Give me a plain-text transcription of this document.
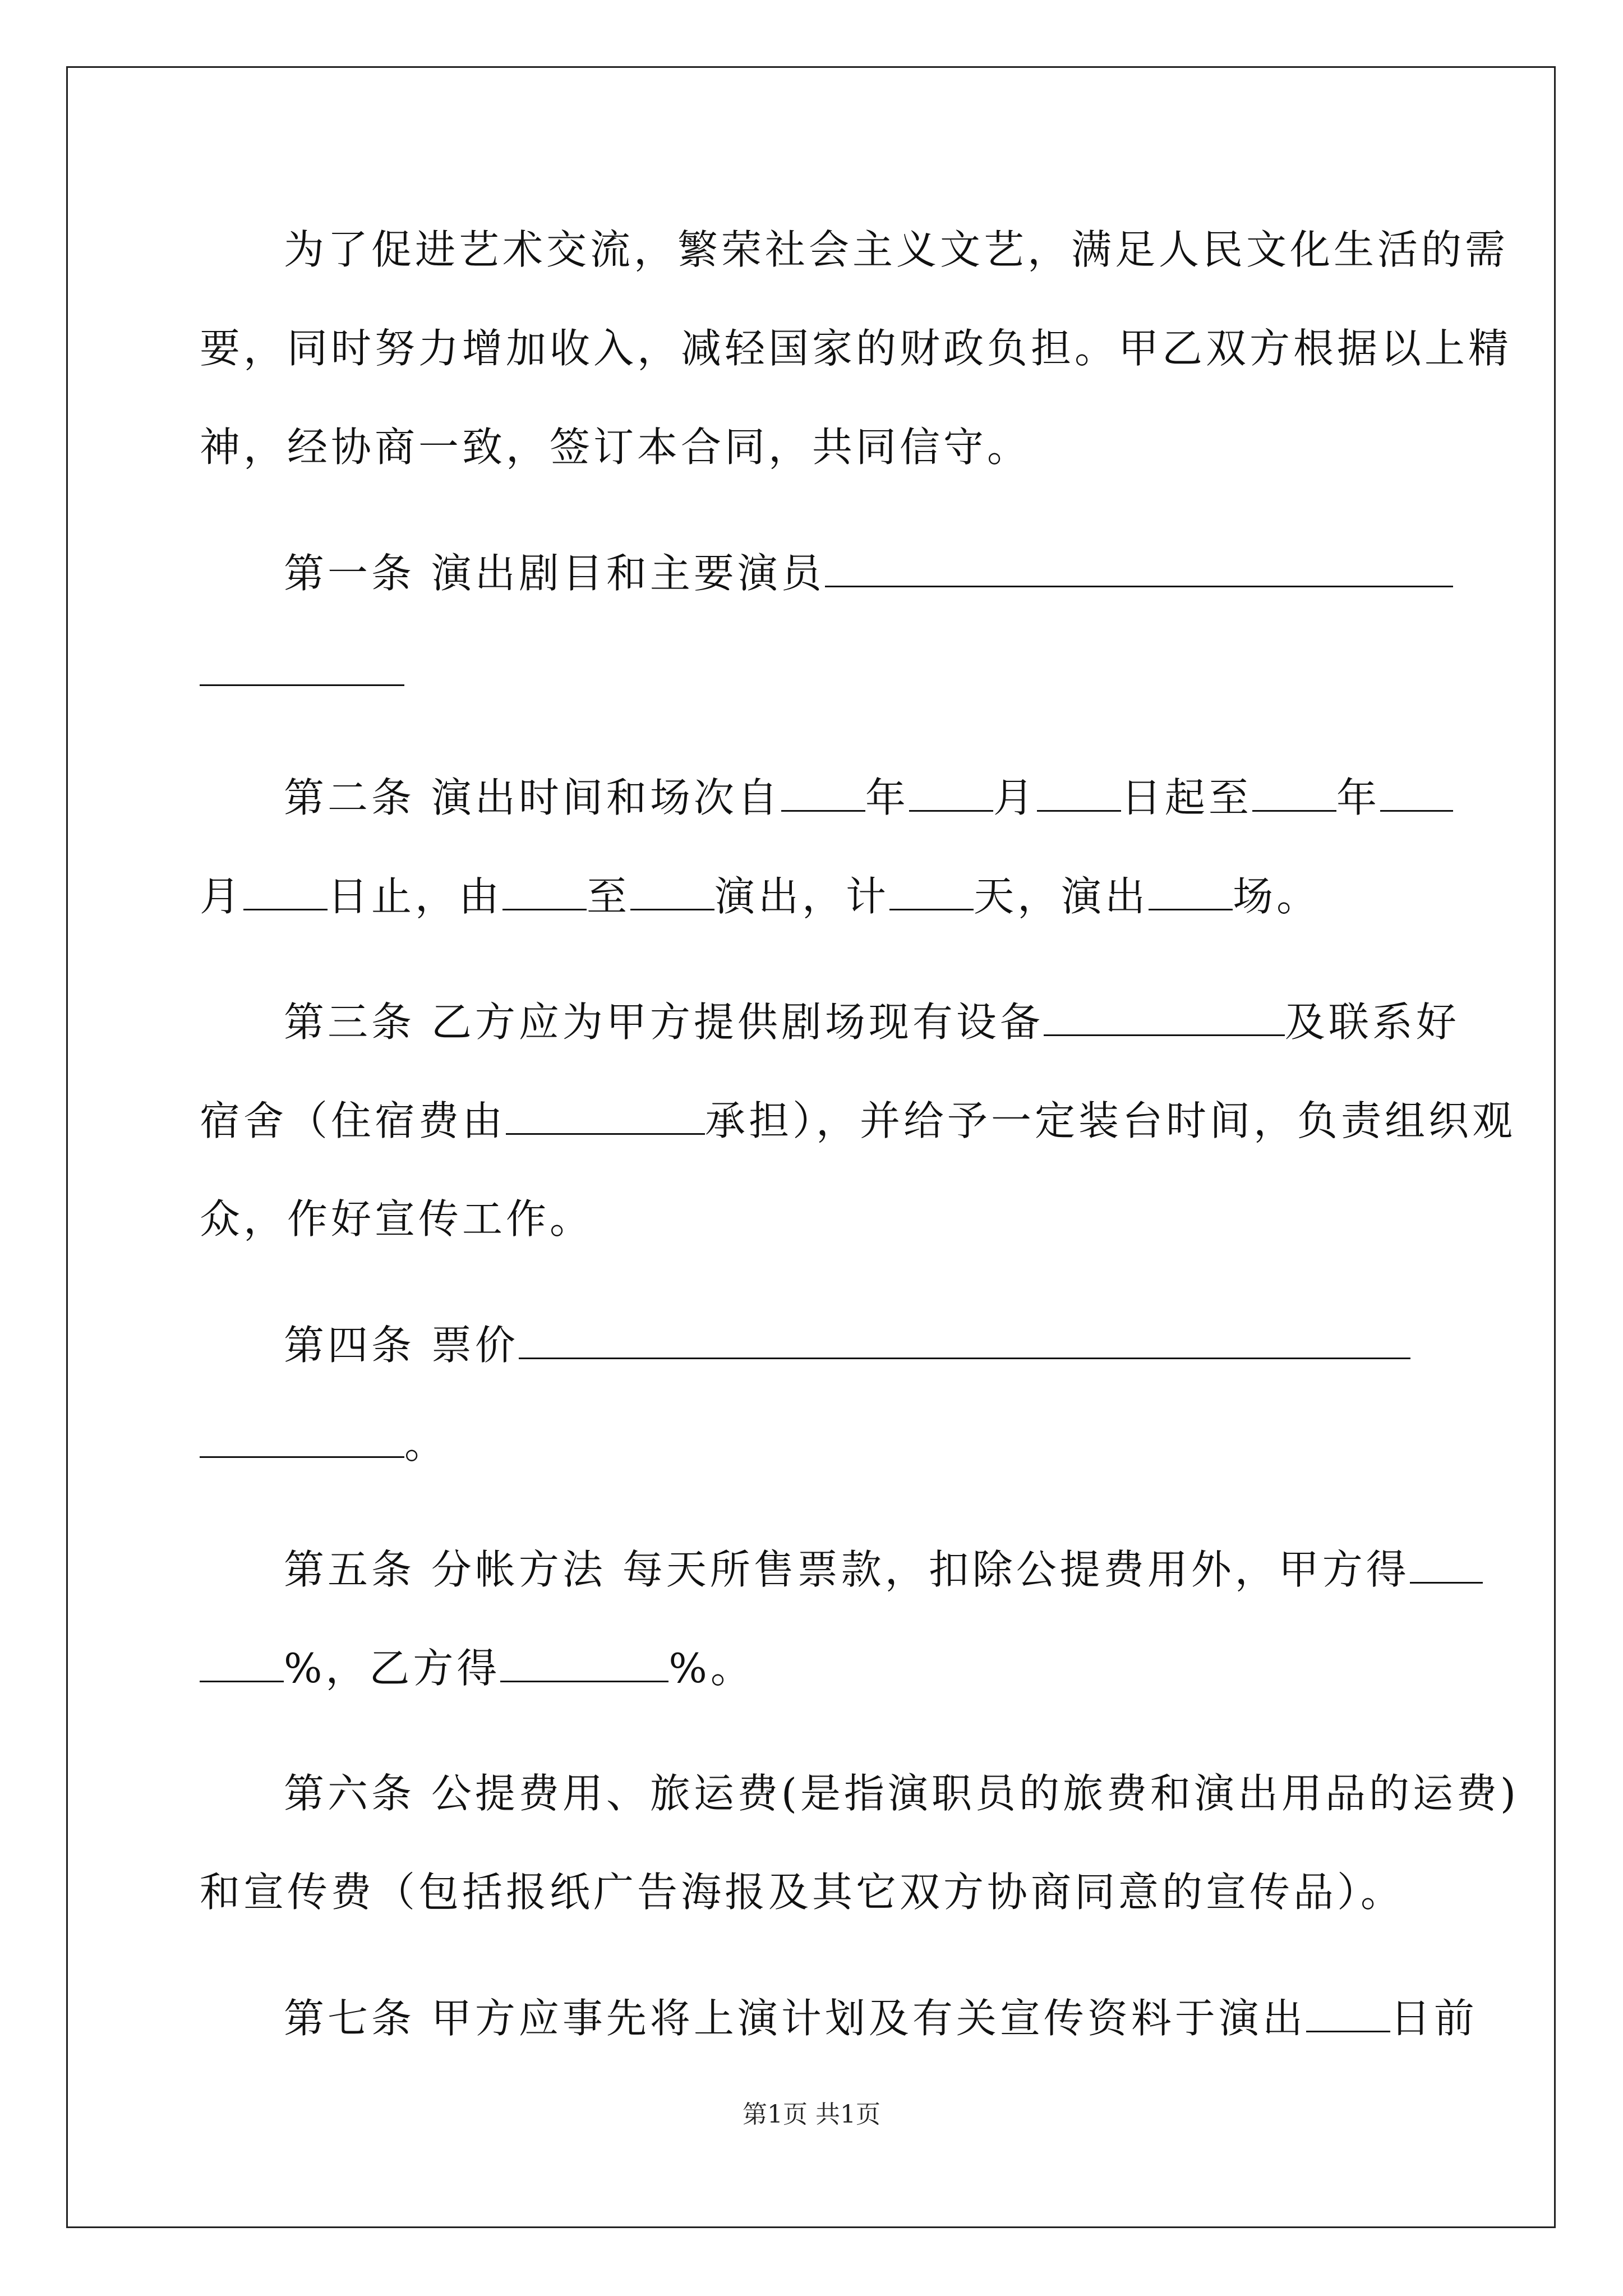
为了促进艺术交流，繁荣社会主义文艺，满足人民文化生活的需
要，同时努力增加收入，减轻国家的财政负担。甲乙双方根据以上精
神，经协商一致，签订本合同，共同信守。
第一条 演出剧目和主要演员
第二条 演出时间和场次自 年 月 日起至 年
月 日止，由 至 演出，计 天，演出 场。
第三条 乙方应为甲方提供剧场现有设备	及联系好
宿舍（住宿费由	承担），并给予一定装台时间，负责组织观
众，作好宣传工作。
第四条 票价
。
第五条 分帐方法 每天所售票款，扣除公提费用外，甲方得
%，乙方得	%。
第六条 公提费用、旅运费(是指演职员的旅费和演出用品的运费)
和宣传费（包括报纸广告海报及其它双方协商同意的宣传品）。
第七条 甲方应事先将上演计划及有关宣传资料于演出 日前
第1页 共1页
